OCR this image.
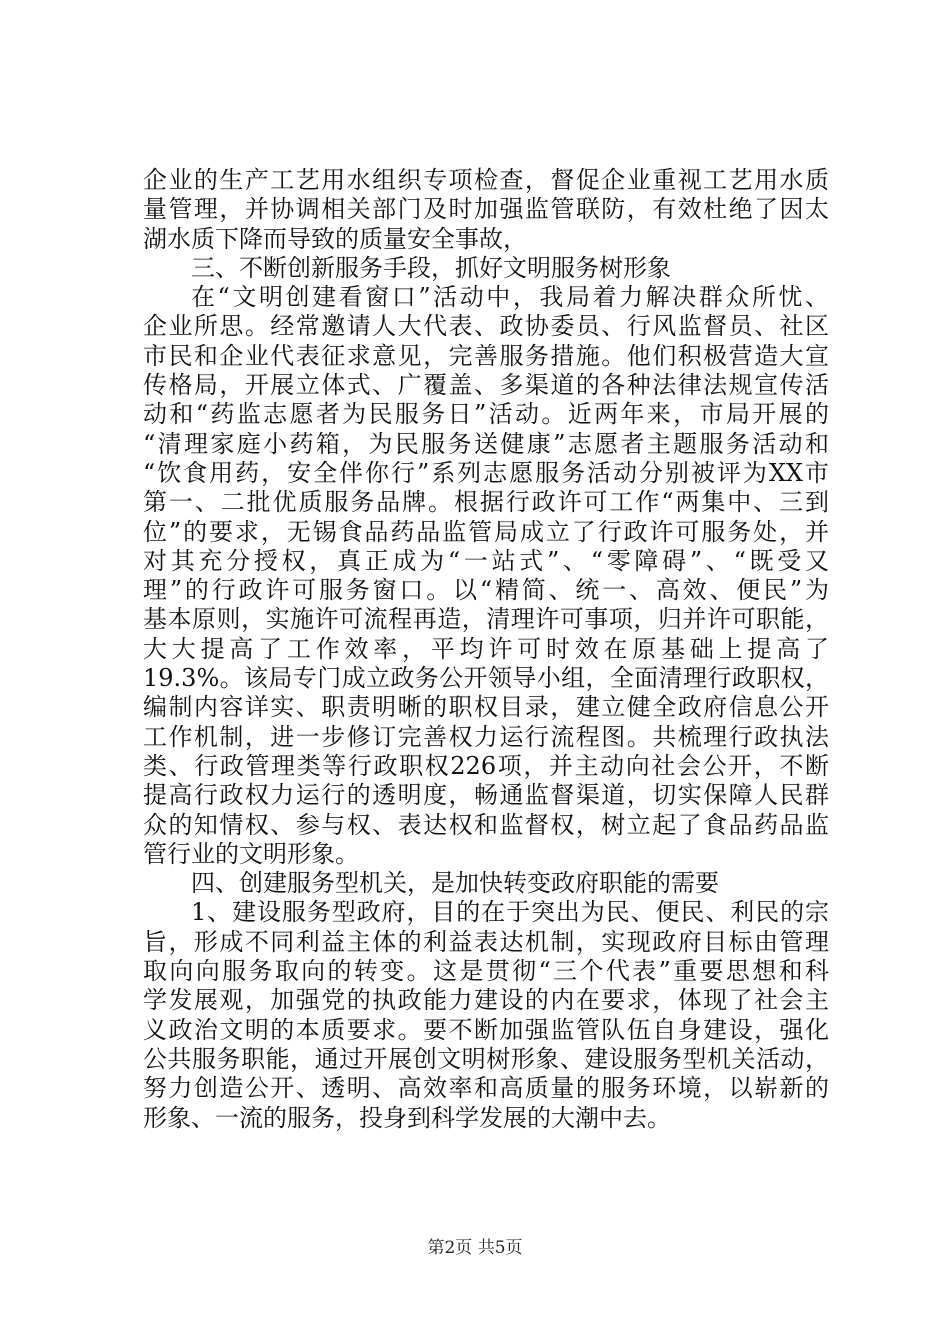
企业的生产工艺用水组织专项检查，督促企业重视工艺用水质
量管理，并协调相关部门及时加强监管联防，有效杜绝了因太
湖水质下降而导致的质量安全事故，
三、不断创新服务手段，抓好文明服务树形象
在“文明创建看窗口”活动中，我局着力解决群众所忧、
企业所思。经常邀请人大代表、政协委员、行风监督员、社区
市民和企业代表征求意见，完善服务措施。他们积极营造大宣
传格局，开展立体式、广覆盖、多渠道的各种法律法规宣传活
动和“药监志愿者为民服务日”活动。近两年来，市局开展的
“清理家庭小药箱，为民服务送健康”志愿者主题服务活动和
“饮食用药，安全伴你行”系列志愿服务活动分别被评为XX市
第一、二批优质服务品牌。根据行政许可工作“两集中、三到
位”的要求，无锡食品药品监管局成立了行政许可服务处，并
对其充分授权，真正成为“一站式”、“零障碍”、“既受又
理”的行政许可服务窗口。以“精简、统一、高效、便民”为
基本原则，实施许可流程再造，清理许可事项，归并许可职能，
大大提高了工作效率，平均许可时效在原基础上提高了
19.3%。该局专门成立政务公开领导小组，全面清理行政职权，
编制内容详实、职责明晰的职权目录，建立健全政府信息公开
工作机制，进一步修订完善权力运行流程图。共梳理行政执法
类、行政管理类等行政职权226项，并主动向社会公开，不断
提高行政权力运行的透明度，畅通监督渠道，切实保障人民群
众的知情权、参与权、表达权和监督权，树立起了食品药品监
管行业的文明形象。
四、创建服务型机关，是加快转变政府职能的需要
1、建设服务型政府，目的在于突出为民、便民、利民的宗
旨，形成不同利益主体的利益表达机制，实现政府目标由管理
取向向服务取向的转变。这是贯彻“三个代表”重要思想和科
学发展观，加强党的执政能力建设的内在要求，体现了社会主
义政治文明的本质要求。要不断加强监管队伍自身建设，强化
公共服务职能，通过开展创文明树形象、建设服务型机关活动，
努力创造公开、透明、高效率和高质量的服务环境，以崭新的
形象、一流的服务，投身到科学发展的大潮中去。
第2页 共5页
